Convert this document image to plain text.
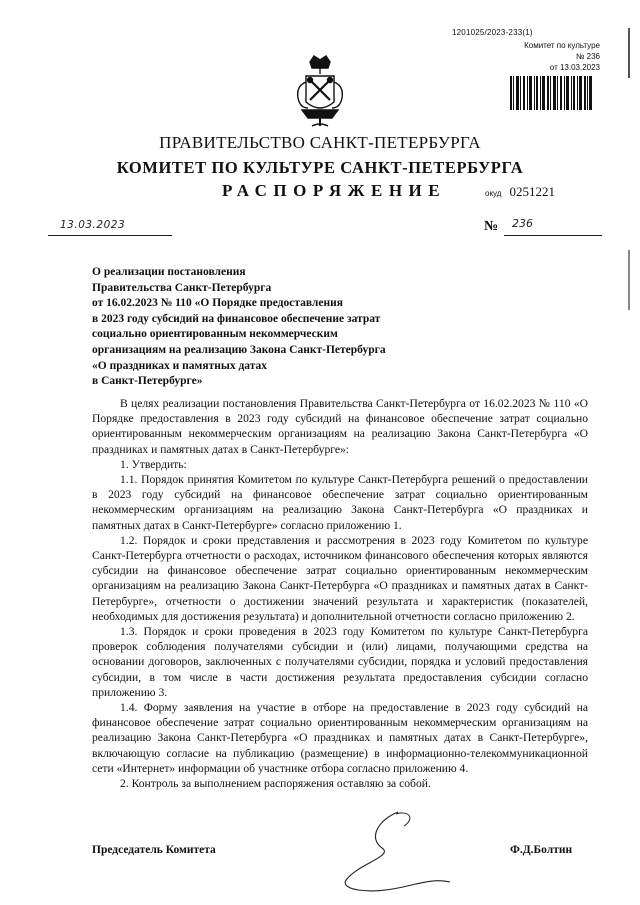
1201025/2023-233(1)
Комитет по культуре
№ 236
от 13.03.2023
ПРАВИТЕЛЬСТВО САНКТ-ПЕТЕРБУРГА
КОМИТЕТ ПО КУЛЬТУРЕ САНКТ-ПЕТЕРБУРГА
РАСПОРЯЖЕНИЕ	окуд 0251221
13.03.2023	№ 236
О реализации постановления
Правительства Санкт-Петербурга
от 16.02.2023 № 110 «О Порядке предоставления
в 2023 году субсидий на финансовое обеспечение затрат
социально ориентированным некоммерческим
организациям на реализацию Закона Санкт-Петербурга
«О праздниках и памятных датах
в Санкт-Петербурге»

В целях реализации постановления Правительства Санкт-Петербурга от 16.02.2023 № 110 «О Порядке предоставления в 2023 году субсидий на финансовое обеспечение затрат социально ориентированным некоммерческим организациям на реализацию Закона Санкт-Петербурга «О праздниках и памятных датах в Санкт-Петербурге»:

1. Утвердить:

1.1. Порядок принятия Комитетом по культуре Санкт-Петербурга решений о предоставлении в 2023 году субсидий на финансовое обеспечение затрат социально ориентированным некоммерческим организациям на реализацию Закона Санкт-Петербурга «О праздниках и памятных датах в Санкт-Петербурге» согласно приложению 1.

1.2. Порядок и сроки представления и рассмотрения в 2023 году Комитетом по культуре Санкт-Петербурга отчетности о расходах, источником финансового обеспечения которых являются субсидии на финансовое обеспечение затрат социально ориентированным некоммерческим организациям на реализацию Закона Санкт-Петербурга «О праздниках и памятных датах в Санкт-Петербурге», отчетности о достижении значений результата и характеристик (показателей, необходимых для достижения результата) и дополнительной отчетности согласно приложению 2.

1.3. Порядок и сроки проведения в 2023 году Комитетом по культуре Санкт-Петербурга проверок соблюдения получателями субсидии и (или) лицами, получающими средства на основании договоров, заключенных с получателями субсидии, порядка и условий предоставления субсидии, в том числе в части достижения результата предоставления субсидии согласно приложению 3.

1.4. Форму заявления на участие в отборе на предоставление в 2023 году субсидий на финансовое обеспечение затрат социально ориентированным некоммерческим организациям на реализацию Закона Санкт-Петербурга «О праздниках и памятных датах в Санкт-Петербурге», включающую согласие на публикацию (размещение) в информационно-телекоммуникационной сети «Интернет» информации об участнике отбора согласно приложению 4.

2. Контроль за выполнением распоряжения оставляю за собой.

Председатель Комитета	Ф.Д.Болтин
